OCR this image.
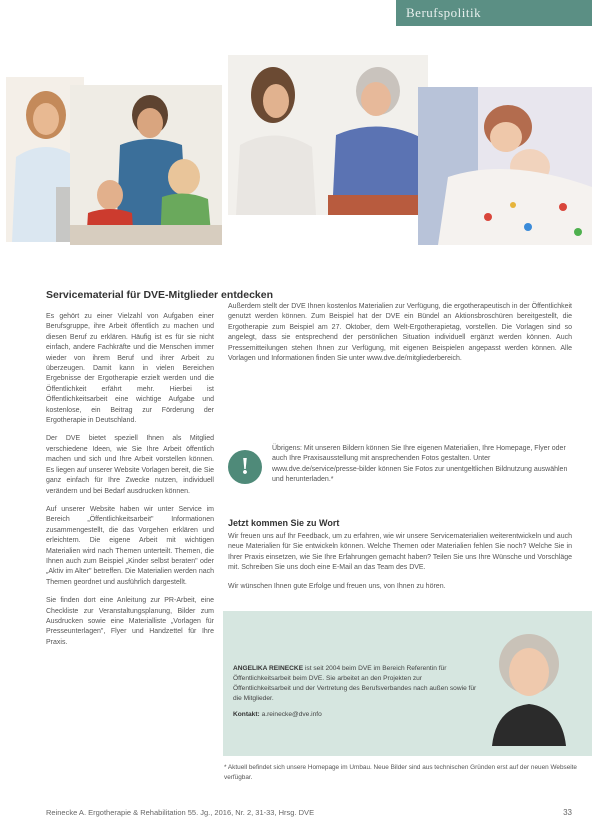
Berufspolitik
Servicematerial für DVE-Mitglieder entdecken

Es gehört zu einer Vielzahl von Aufgaben einer Berufsgruppe, ihre Arbeit öffentlich zu machen und diesen Beruf zu erklären. Häufig ist es für sie nicht einfach, andere Fachkräfte und die Menschen immer wieder von ihrem Beruf und ihrer Arbeit zu überzeugen. Damit kann in vielen Bereichen Ergebnisse der Ergotherapie erzielt werden und die Öffentlichkeit erfährt mehr. Hierbei ist Öffentlichkeitsarbeit eine wichtige Aufgabe und kostenlose, ein Beitrag zur Förderung der Ergotherapie in Deutschland.

Der DVE bietet speziell Ihnen als Mitglied verschiedene Ideen, wie Sie Ihre Arbeit öffentlich machen und sich und Ihre Arbeit vorstellen können. Es liegen auf unserer Website Vorlagen bereit, die Sie ganz einfach für Ihre Zwecke nutzen, individuell verändern und bei Bedarf ausdrucken können.

Auf unserer Website haben wir unter Service im Bereich „Öffentlichkeitsarbeit" Informationen zusammengestellt, die das Vorgehen erklären und erleichtern. Die eigene Arbeit mit wichtigen Materialien wird nach Themen unterteilt. Themen, die Ihnen auch zum Beispiel „Kinder selbst beraten" oder „Aktiv im Alter" betreffen. Die Materialien werden nach Themen geordnet und ausführlich dargestellt.

Sie finden dort eine Anleitung zur PR-Arbeit, eine Checkliste zur Veranstaltungsplanung, Bilder zum Ausdrucken sowie eine Materialliste „Vorlagen für Presseunterlagen", Flyer und Handzettel für Ihre Praxis.

Außerdem stellt der DVE Ihnen kostenlos Materialien zur Verfügung, die ergotherapeutisch in der Öffentlichkeit genutzt werden können. Zum Beispiel hat der DVE ein Bündel an Aktionsbroschüren bereitgestellt, die Ergotherapie zum Beispiel am 27. Oktober, dem Welt-Ergotherapietag, vorstellen. Die Vorlagen sind so angelegt, dass sie entsprechend der persönlichen Situation individuell ergänzt werden können. Auch Pressemitteilungen stehen Ihnen zur Verfügung, mit eigenen Beispielen angepasst werden können. Alle Vorlagen und Informationen finden Sie unter www.dve.de/mitgliederbereich.

!
Übrigens: Mit unseren Bildern können Sie Ihre eigenen Materialien, Ihre Homepage, Flyer oder auch Ihre Praxisausstellung mit ansprechenden Fotos gestalten. Unter www.dve.de/service/presse-bilder können Sie Fotos zur unentgeltlichen Bildnutzung auswählen und herunterladen.*
Jetzt kommen Sie zu Wort

Wir freuen uns auf Ihr Feedback, um zu erfahren, wie wir unsere Servicematerialien weiterentwickeln und auch neue Materialien für Sie entwickeln können. Welche Themen oder Materialien fehlen Sie noch? Welche Sie in Ihrer Praxis einsetzen, wie Sie Ihre Erfahrungen gemacht haben? Teilen Sie uns Ihre Wünsche und Vorschläge mit. Schreiben Sie uns doch eine E-Mail an das Team des DVE.

Wir wünschen Ihnen gute Erfolge und freuen uns, von Ihnen zu hören.

ANGELIKA REINECKE ist seit 2004 beim DVE im Bereich Referentin für Öffentlichkeitsarbeit beim DVE. Sie arbeitet an den Projekten zur Öffentlichkeitsarbeit und der Vertretung des Berufsverbandes nach außen sowie für die Mitglieder.
Kontakt: a.reinecke@dve.info
* Aktuell befindet sich unsere Homepage im Umbau. Neue Bilder sind aus technischen Gründen erst auf der neuen Webseite verfügbar.
Reinecke A. Ergotherapie & Rehabilitation 55. Jg., 2016, Nr. 2, 31-33, Hrsg. DVE	33
